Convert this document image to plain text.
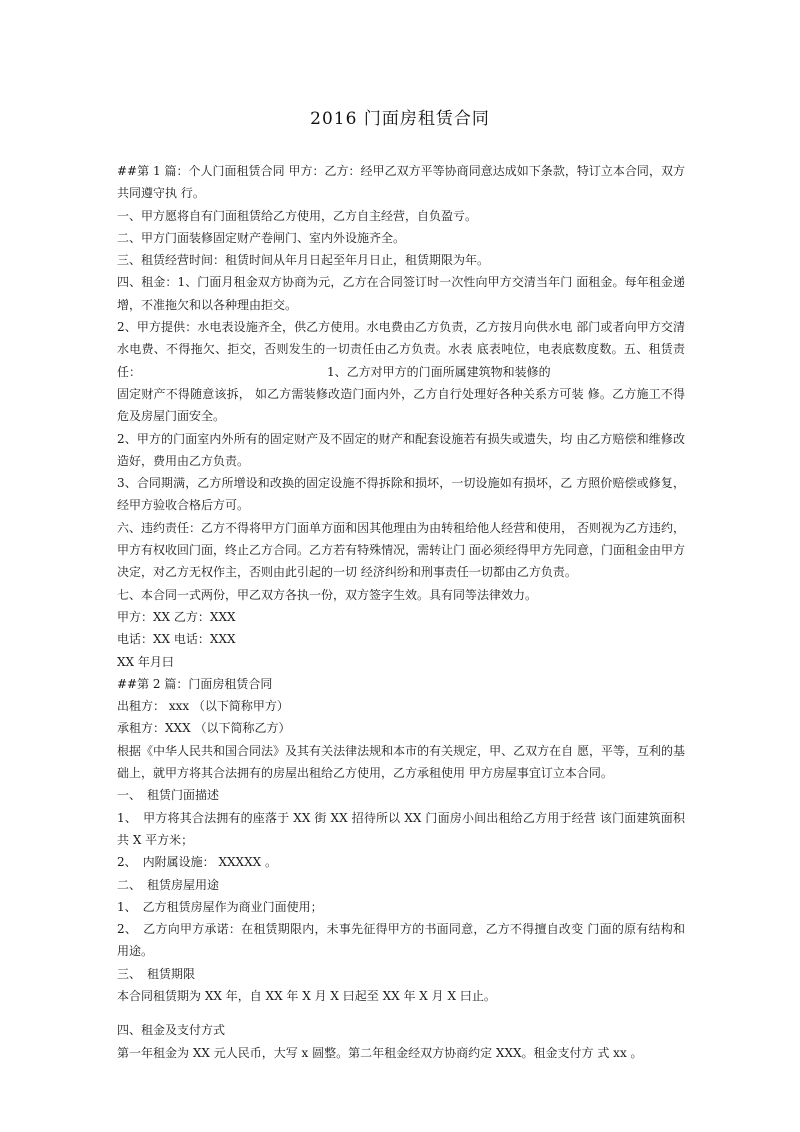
2016 门面房租赁合同

##第 1 篇：个人门面租赁合同 甲方：乙方：经甲乙双方平等协商同意达成如下条款，特订立本合同，双方共同遵守执 行。

一、甲方愿将自有门面租赁给乙方使用，乙方自主经营，自负盈亏。

二、甲方门面装修固定财产卷闸门、室内外设施齐全。

三、租赁经营时间：租赁时间从年月日起至年月日止，租赁期限为年。

四、租金：1、门面月租金双方协商为元，乙方在合同签订时一次性向甲方交清当年门 面租金。每年租金递增，不准拖欠和以各种理由拒交。

2、甲方提供：水电表设施齐全，供乙方使用。水电费由乙方负责，乙方按月向供水电 部门或者向甲方交清水电费、不得拖欠、拒交，否则发生的一切责任由乙方负责。水表 底表吨位，电表底数度数。五、租赁责任：　　　　　　　　　　　　　　　　1、乙方对甲方的门面所属建筑物和装修的

固定财产不得随意该拆， 如乙方需装修改造门面内外，乙方自行处理好各种关系方可装 修。乙方施工不得危及房屋门面安全。

2、甲方的门面室内外所有的固定财产及不固定的财产和配套设施若有损失或遗失，均 由乙方赔偿和维修改造好，费用由乙方负责。

3、合同期满，乙方所增设和改换的固定设施不得拆除和损坏，一切设施如有损坏，乙 方照价赔偿或修复，经甲方验收合格后方可。

六、违约责任：乙方不得将甲方门面单方面和因其他理由为由转租给他人经营和使用， 否则视为乙方违约，甲方有权收回门面，终止乙方合同。乙方若有特殊情况，需转让门 面必须经得甲方先同意，门面租金由甲方决定，对乙方无权作主，否则由此引起的一切 经济纠纷和刑事责任一切都由乙方负责。

七、本合同一式两份，甲乙双方各执一份，双方签字生效。具有同等法律效力。

甲方：XX 乙方：XXX

电话：XX 电话：XXX

XX 年月曰

##第 2 篇：门面房租赁合同

出租方： xxx （以下简称甲方）

承租方：XXX （以下简称乙方）

根据《中华人民共和国合同法》及其有关法律法规和本市的有关规定，甲、乙双方在自 愿，平等，互利的基础上，就甲方将其合法拥有的房屋出租给乙方使用，乙方承租使用 甲方房屋事宜订立本合同。

一、　租赁门面描述

1、　甲方将其合法拥有的座落于 XX 街 XX 招待所以 XX 门面房小间出租给乙方用于经营 该门面建筑面积共 X 平方米；

2、　内附属设施： XXXXX 。

二、　租赁房屋用途

1、　乙方租赁房屋作为商业门面使用；

2、　乙方向甲方承诺：在租赁期限内，未事先征得甲方的书面同意，乙方不得擅自改变 门面的原有结构和用途。

三、　租赁期限

本合同租赁期为 XX 年，自 XX 年 X 月 X 曰起至 XX 年 X 月 X 曰止。

四、租金及支付方式

第一年租金为 XX 元人民币，大写 x 圆整。第二年租金经双方协商约定 XXX。租金支付方 式 xx 。
